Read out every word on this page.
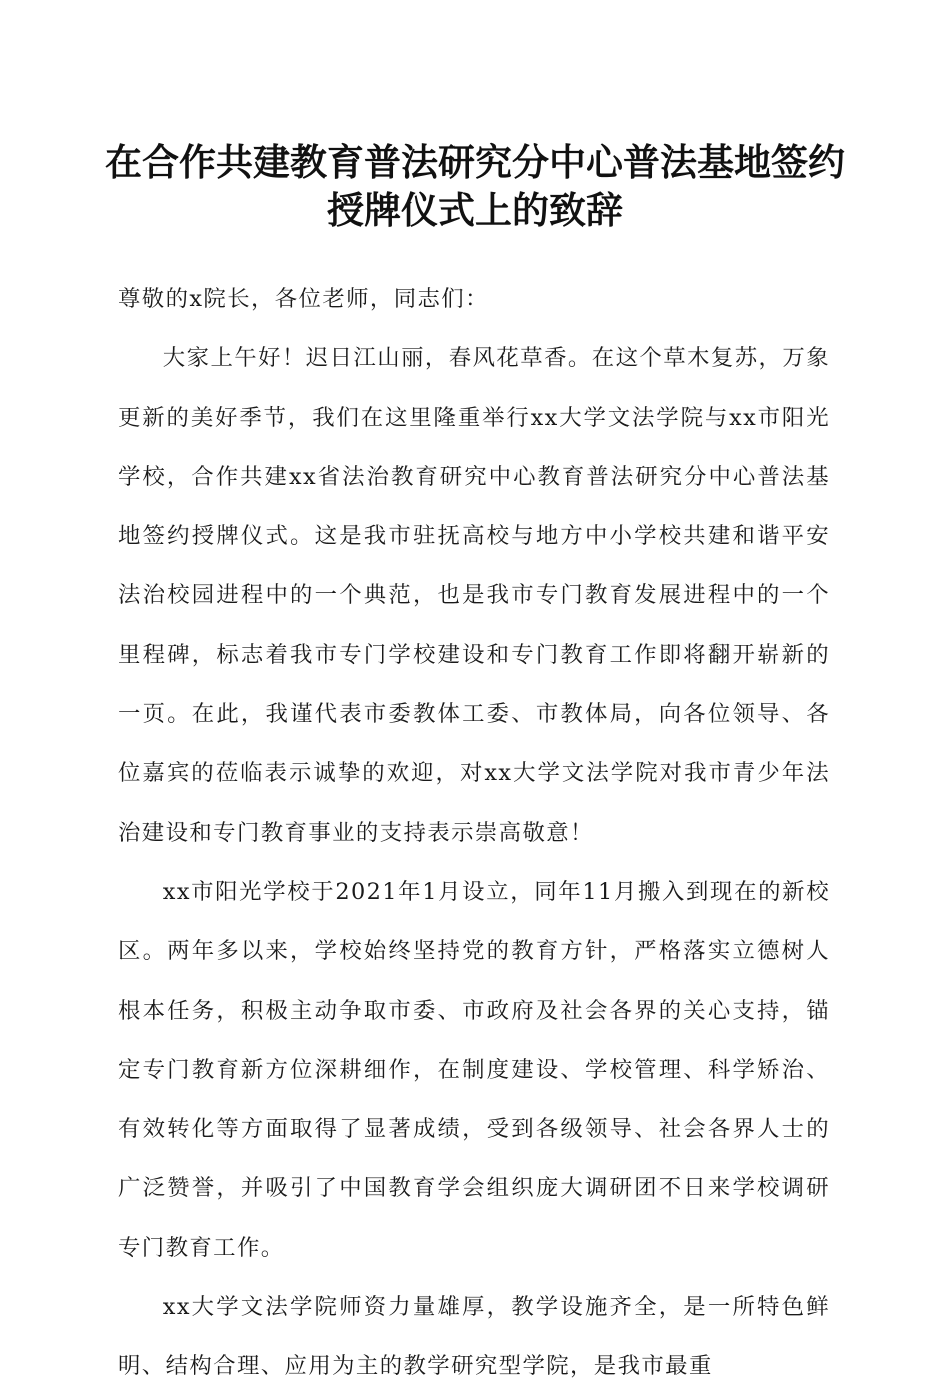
在合作共建教育普法研究分中心普法基地签约
授牌仪式上的致辞

尊敬的x院长，各位老师，同志们：

大家上午好！迟日江山丽，春风花草香。在这个草木复苏，万象更新的美好季节，我们在这里隆重举行xx大学文法学院与xx市阳光学校，合作共建xx省法治教育研究中心教育普法研究分中心普法基地签约授牌仪式。这是我市驻抚高校与地方中小学校共建和谐平安法治校园进程中的一个典范，也是我市专门教育发展进程中的一个里程碑，标志着我市专门学校建设和专门教育工作即将翻开崭新的一页。在此，我谨代表市委教体工委、市教体局，向各位领导、各位嘉宾的莅临表示诚挚的欢迎，对xx大学文法学院对我市青少年法治建设和专门教育事业的支持表示崇高敬意！

xx市阳光学校于2021年1月设立，同年11月搬入到现在的新校区。两年多以来，学校始终坚持党的教育方针，严格落实立德树人根本任务，积极主动争取市委、市政府及社会各界的关心支持，锚定专门教育新方位深耕细作，在制度建设、学校管理、科学矫治、有效转化等方面取得了显著成绩，受到各级领导、社会各界人士的广泛赞誉，并吸引了中国教育学会组织庞大调研团不日来学校调研专门教育工作。

xx大学文法学院师资力量雄厚，教学设施齐全，是一所特色鲜明、结构合理、应用为主的教学研究型学院，是我市最重
